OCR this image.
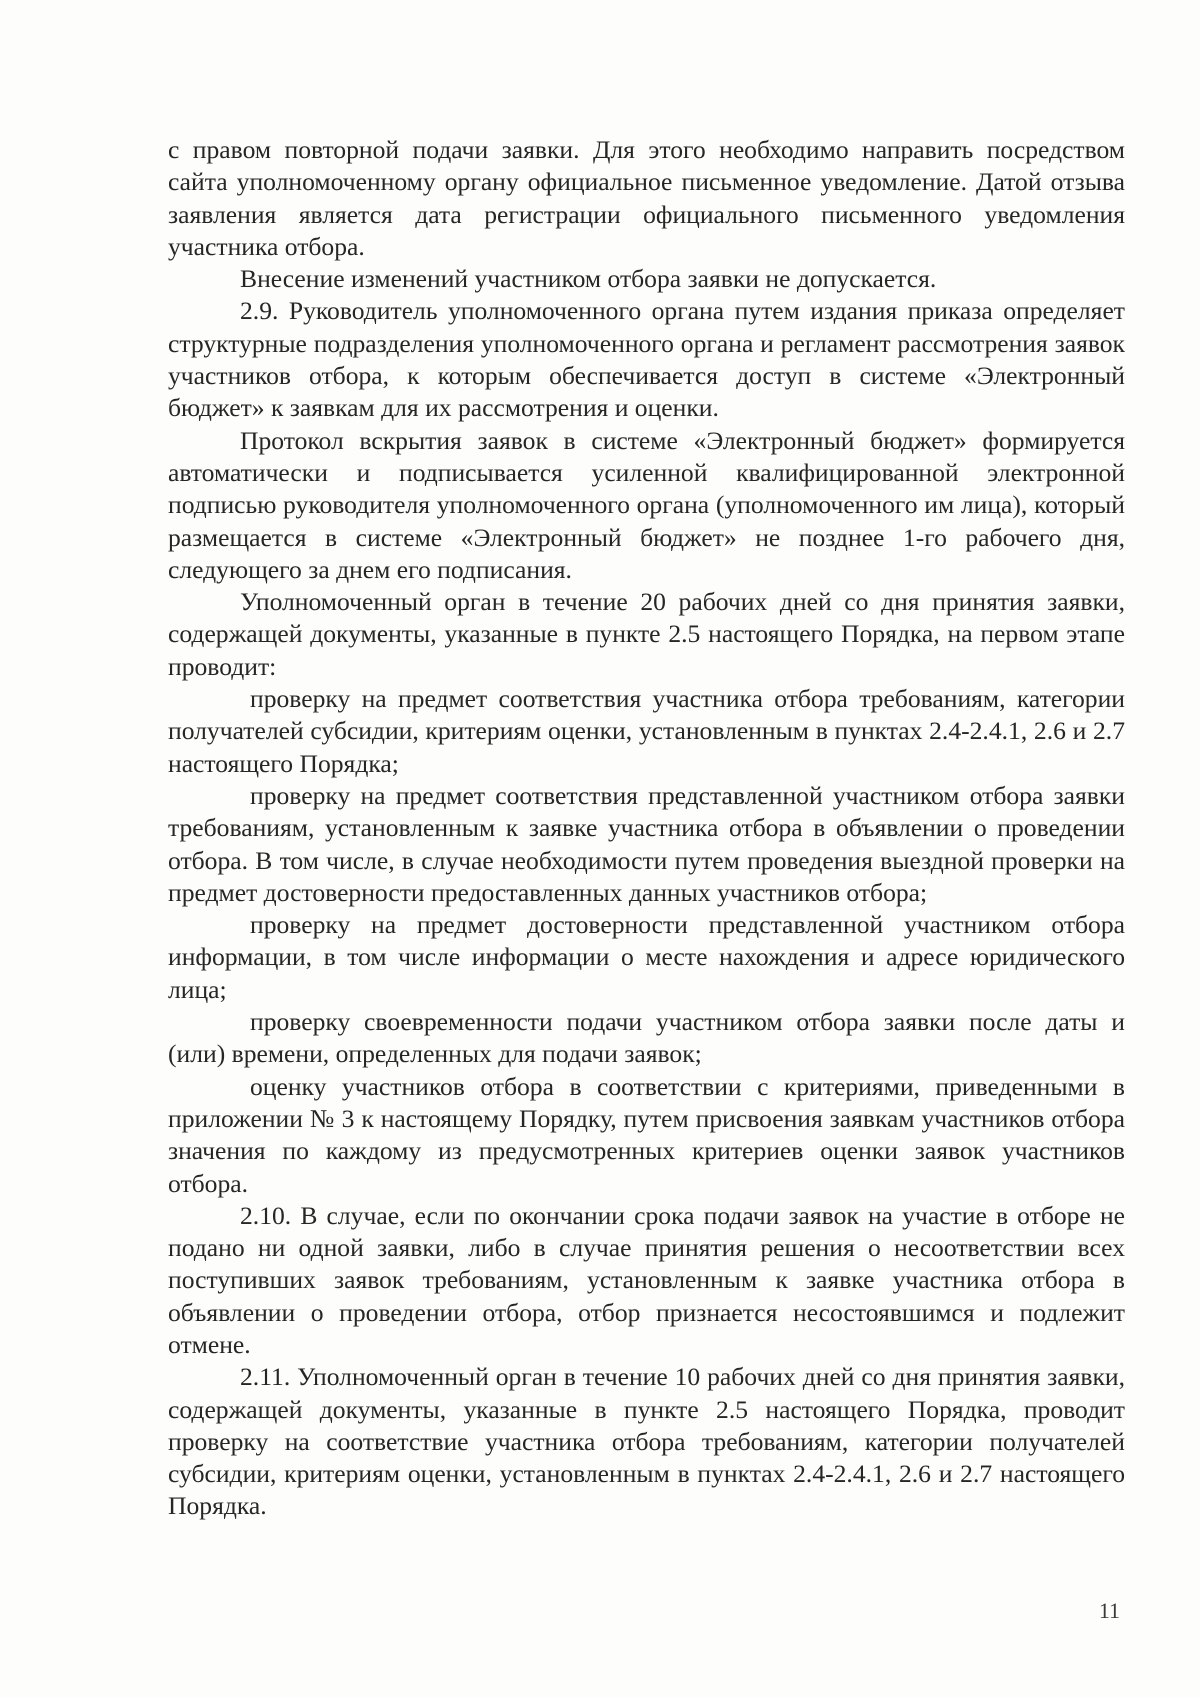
с правом повторной подачи заявки. Для этого необходимо направить посредством сайта уполномоченному органу официальное письменное уведомление. Датой отзыва заявления является дата регистрации официального письменного уведомления участника отбора.

Внесение изменений участником отбора заявки не допускается.

2.9. Руководитель уполномоченного органа путем издания приказа определяет структурные подразделения уполномоченного органа и регламент рассмотрения заявок участников отбора, к которым обеспечивается доступ в системе «Электронный бюджет» к заявкам для их рассмотрения и оценки.

Протокол вскрытия заявок в системе «Электронный бюджет» формируется автоматически и подписывается усиленной квалифицированной электронной подписью руководителя уполномоченного органа (уполномоченного им лица), который размещается в системе «Электронный бюджет» не позднее 1-го рабочего дня, следующего за днем его подписания.

Уполномоченный орган в течение 20 рабочих дней со дня принятия заявки, содержащей документы, указанные в пункте 2.5 настоящего Порядка, на первом этапе проводит:

проверку на предмет соответствия участника отбора требованиям, категории получателей субсидии, критериям оценки, установленным в пунктах 2.4-2.4.1, 2.6 и 2.7 настоящего Порядка;

проверку на предмет соответствия представленной участником отбора заявки требованиям, установленным к заявке участника отбора в объявлении о проведении отбора. В том числе, в случае необходимости путем проведения выездной проверки на предмет достоверности предоставленных данных участников отбора;

проверку на предмет достоверности представленной участником отбора информации, в том числе информации о месте нахождения и адресе юридического лица;

проверку своевременности подачи участником отбора заявки после даты и (или) времени, определенных для подачи заявок;

оценку участников отбора в соответствии с критериями, приведенными в приложении № 3 к настоящему Порядку, путем присвоения заявкам участников отбора значения по каждому из предусмотренных критериев оценки заявок участников отбора.

2.10. В случае, если по окончании срока подачи заявок на участие в отборе не подано ни одной заявки, либо в случае принятия решения о несоответствии всех поступивших заявок требованиям, установленным к заявке участника отбора в объявлении о проведении отбора, отбор признается несостоявшимся и подлежит отмене.

2.11. Уполномоченный орган в течение 10 рабочих дней со дня принятия заявки, содержащей документы, указанные в пункте 2.5 настоящего Порядка, проводит проверку на соответствие участника отбора требованиям, категории получателей субсидии, критериям оценки, установленным в пунктах 2.4-2.4.1, 2.6 и 2.7 настоящего Порядка.

11
